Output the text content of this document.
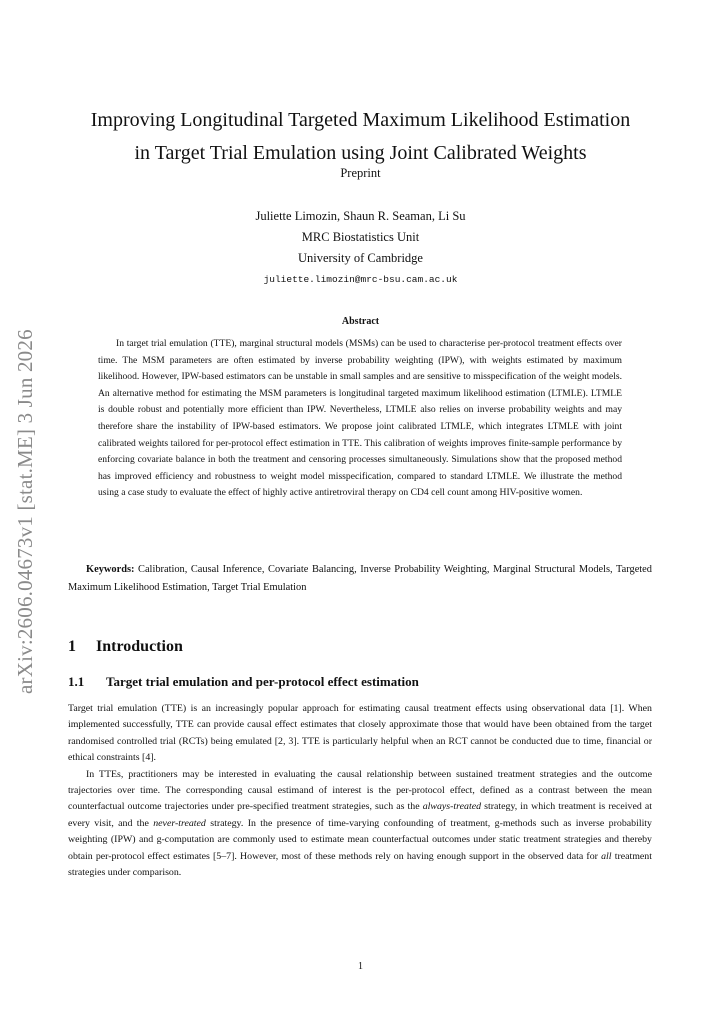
arXiv:2606.04673v1 [stat.ME] 3 Jun 2026
Improving Longitudinal Targeted Maximum Likelihood Estimation
in Target Trial Emulation using Joint Calibrated Weights
Preprint
Juliette Limozin, Shaun R. Seaman, Li Su
MRC Biostatistics Unit
University of Cambridge
juliette.limozin@mrc-bsu.cam.ac.uk
Abstract
In target trial emulation (TTE), marginal structural models (MSMs) can be used to characterise per-protocol treatment effects over time. The MSM parameters are often estimated by inverse probability weighting (IPW), with weights estimated by maximum likelihood. However, IPW-based estimators can be unstable in small samples and are sensitive to misspecification of the weight models. An alternative method for estimating the MSM parameters is longitudinal targeted maximum likelihood estimation (LTMLE). LTMLE is double robust and potentially more efficient than IPW. Nevertheless, LTMLE also relies on inverse probability weights and may therefore share the instability of IPW-based estimators. We propose joint calibrated LTMLE, which integrates LTMLE with joint calibrated weights tailored for per-protocol effect estimation in TTE. This calibration of weights improves finite-sample performance by enforcing covariate balance in both the treatment and censoring processes simultaneously. Simulations show that the proposed method has improved efficiency and robustness to weight model misspecification, compared to standard LTMLE. We illustrate the method using a case study to evaluate the effect of highly active antiretroviral therapy on CD4 cell count among HIV-positive women.
Keywords: Calibration, Causal Inference, Covariate Balancing, Inverse Probability Weighting, Marginal Structural Models, Targeted Maximum Likelihood Estimation, Target Trial Emulation
1 Introduction
1.1 Target trial emulation and per-protocol effect estimation

Target trial emulation (TTE) is an increasingly popular approach for estimating causal treatment effects using observational data [1]. When implemented successfully, TTE can provide causal effect estimates that closely approximate those that would have been obtained from the target randomised controlled trial (RCTs) being emulated [2, 3]. TTE is particularly helpful when an RCT cannot be conducted due to time, financial or ethical constraints [4].

In TTEs, practitioners may be interested in evaluating the causal relationship between sustained treatment strategies and the outcome trajectories over time. The corresponding causal estimand of interest is the per-protocol effect, defined as a contrast between the mean counterfactual outcome trajectories under pre-specified treatment strategies, such as the always-treated strategy, in which treatment is received at every visit, and the never-treated strategy. In the presence of time-varying confounding of treatment, g-methods such as inverse probability weighting (IPW) and g-computation are commonly used to estimate mean counterfactual outcomes under static treatment strategies and thereby obtain per-protocol effect estimates [5–7]. However, most of these methods rely on having enough support in the observed data for all treatment strategies under comparison.

1
